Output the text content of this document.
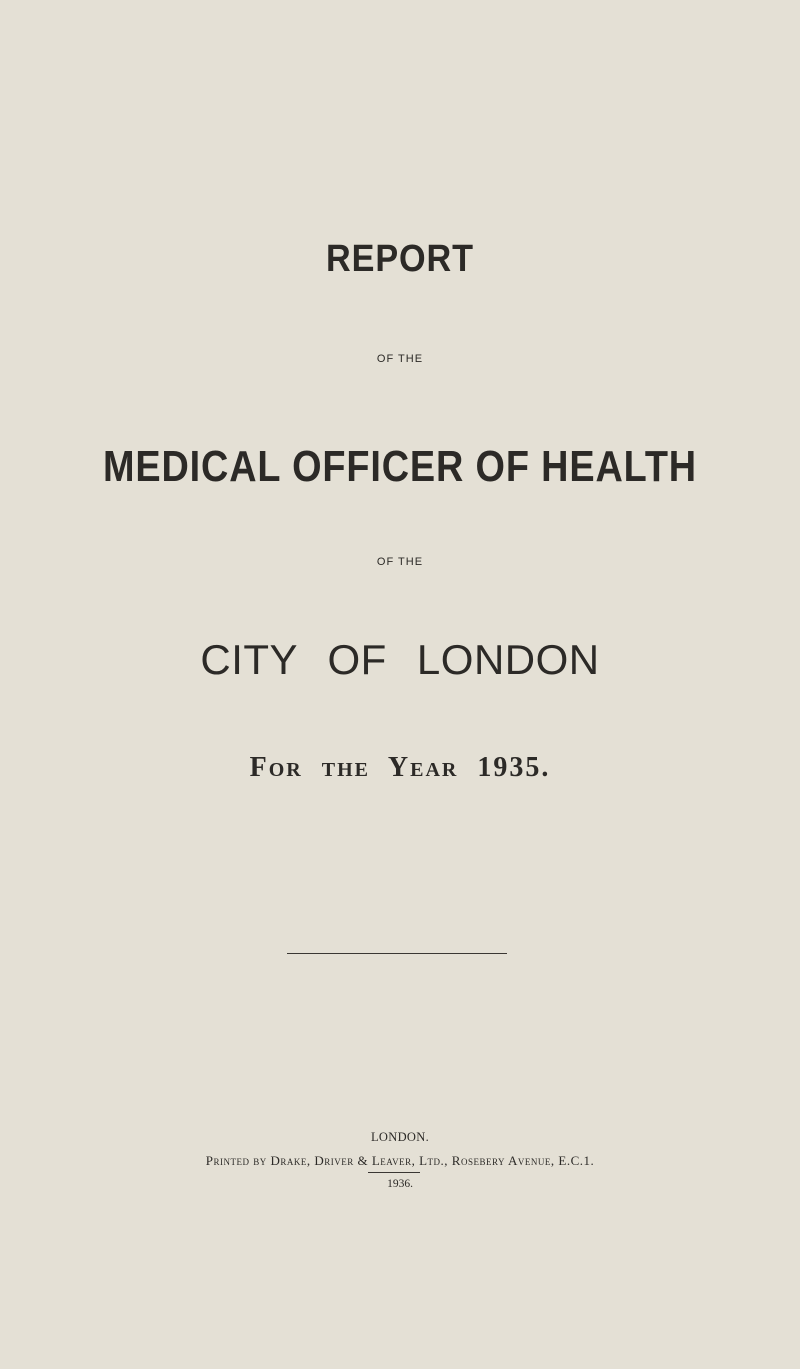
REPORT
OF THE
MEDICAL OFFICER OF HEALTH
OF THE
CITY OF LONDON
For the Year 1935.
LONDON.
Printed by Drake, Driver & Leaver, Ltd., Rosebery Avenue, E.C.1.
1936.
